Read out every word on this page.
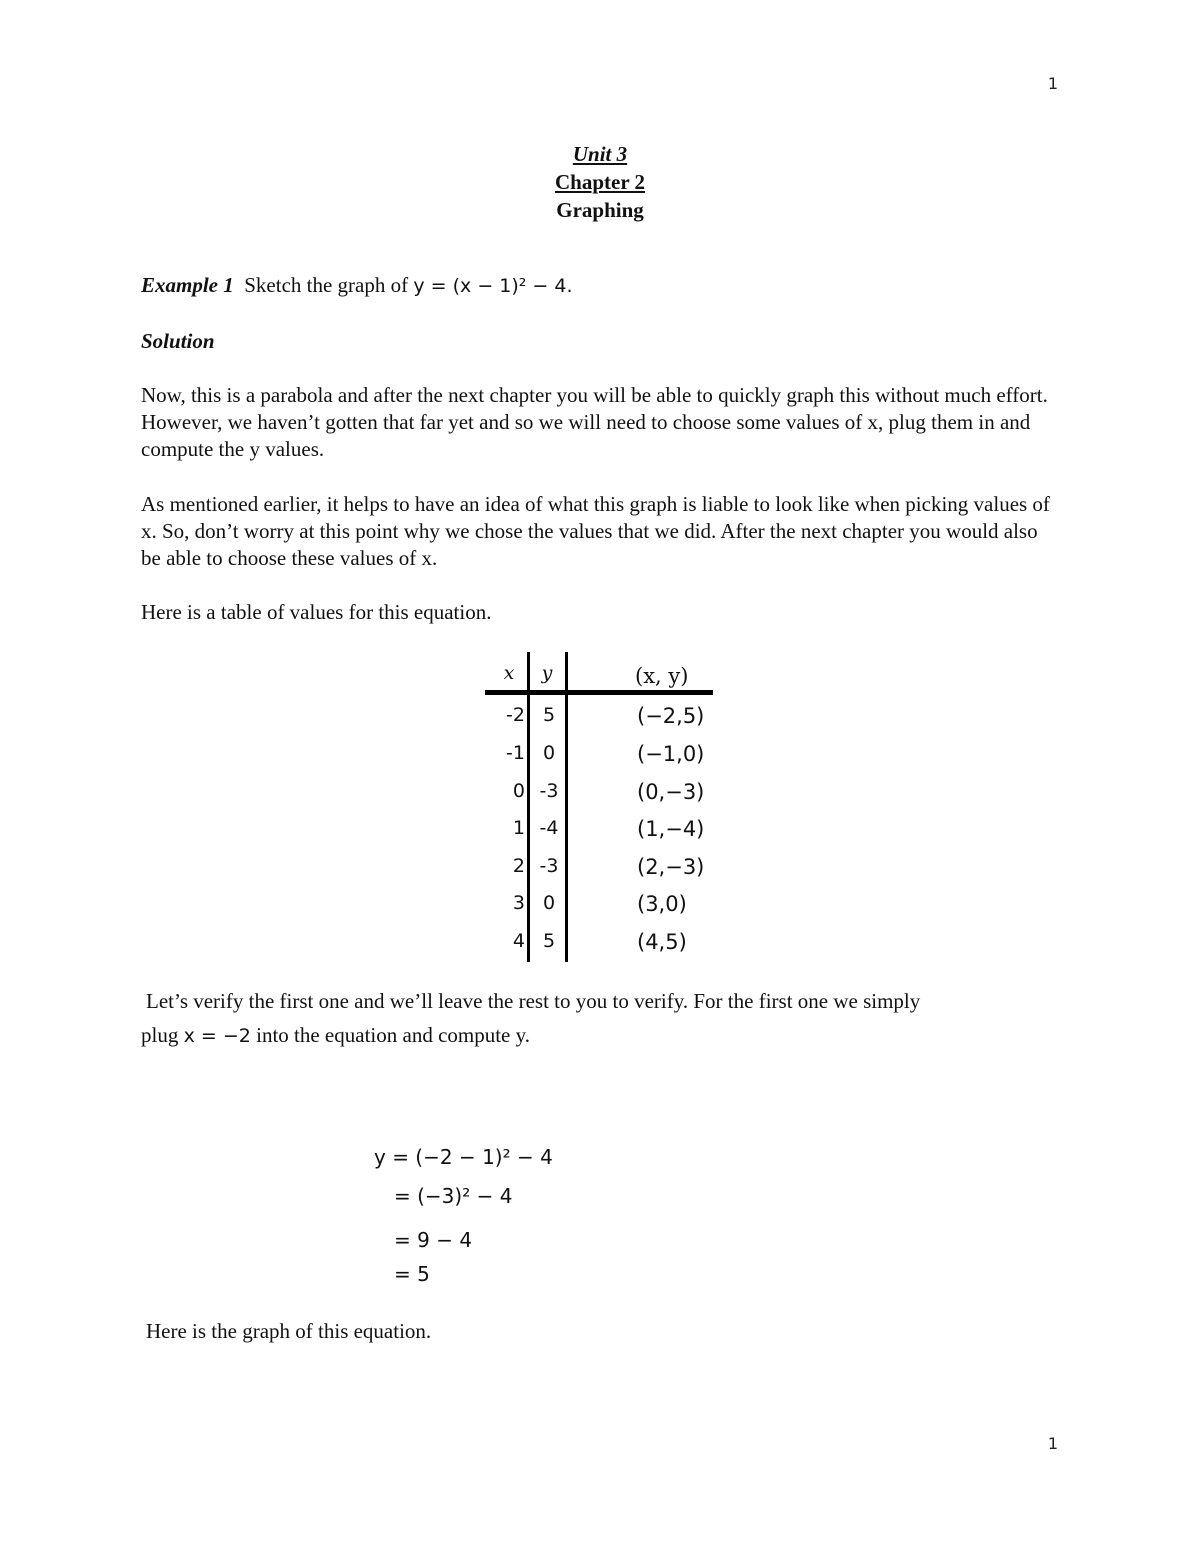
1
Unit 3
Chapter 2
Graphing
Example 1 Sketch the graph of y = (x − 1)² − 4.
Solution
Now, this is a parabola and after the next chapter you will be able to quickly graph this without much effort. However, we haven’t gotten that far yet and so we will need to choose some values of x, plug them in and compute the y values.
As mentioned earlier, it helps to have an idea of what this graph is liable to look like when picking values of x. So, don’t worry at this point why we chose the values that we did. After the next chapter you would also be able to choose these values of x.
Here is a table of values for this equation.
x	y	(x, y)
-2 5	(−2,5)
-1 0	(−1,0)
0 -3	(0,−3)
1 -4	(1,−4)
2 -3	(2,−3)
3 0	(3,0)
4 5	(4,5)
Let’s verify the first one and we’ll leave the rest to you to verify. For the first one we simply
plug x = −2 into the equation and compute y.
y = (−2 − 1)² − 4
= (−3)² − 4
= 9 − 4
= 5
Here is the graph of this equation.
1
